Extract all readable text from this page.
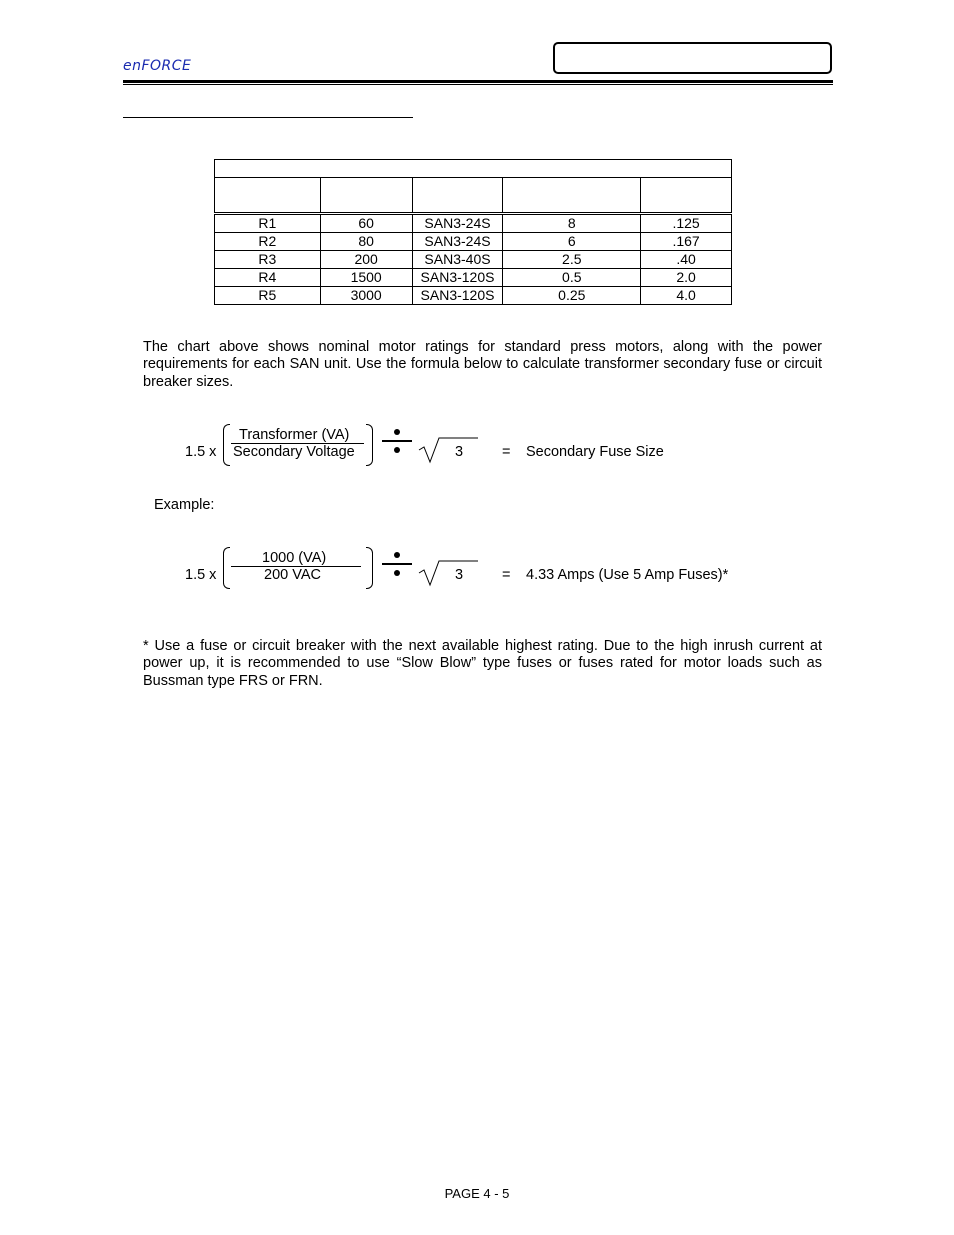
enFORCE

R1	60	SAN3-24S	8	.125
R2	80	SAN3-24S	6	.167
R3	200	SAN3-40S	2.5	.40
R4	1500	SAN3-120S	0.5	2.0
R5	3000	SAN3-120S	0.25	4.0

The chart above shows nominal motor ratings for standard press motors, along with the power requirements for each SAN unit. Use the formula below to calculate transformer secondary fuse or circuit breaker sizes.

1.5 x
Transformer (VA)
Secondary Voltage	3	= Secondary Fuse Size
Example:
1.5 x
1000 (VA)
200 VAC	3	= 4.33 Amps (Use 5 Amp Fuses)*

* Use a fuse or circuit breaker with the next available highest rating. Due to the high inrush current at power up, it is recommended to use “Slow Blow” type fuses or fuses rated for motor loads such as Bussman type FRS or FRN.

PAGE 4 - 5
